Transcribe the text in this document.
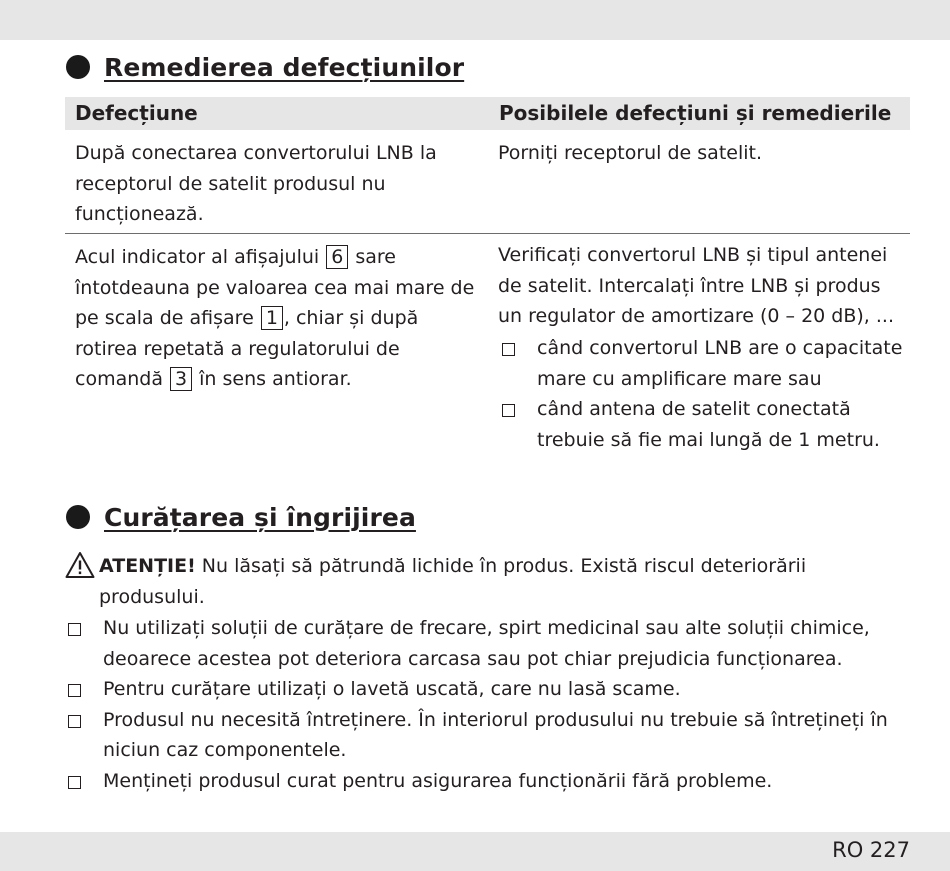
Remedierea defecțiunilor
Defecțiune	Posibilele defecțiuni și remedierile
După conectarea convertorului LNB la receptorul de satelit produsul nu funcționează.
Porniți receptorul de satelit.
Acul indicator al afișajului 6 sare întotdeauna pe valoarea cea mai mare de pe scala de afișare 1 , chiar și după rotirea repetată a regulatorului de comandă 3 în sens antiorar.
Verificați convertorul LNB și tipul antenei de satelit. Intercalați între LNB și produs un regulator de amortizare (0 – 20 dB), ...
când convertorul LNB are o capacitate mare cu amplificare mare sau
când antena de satelit conectată trebuie să fie mai lungă de 1 metru.
Curățarea și îngrijirea
ATENȚIE! Nu lăsați să pătrundă lichide în produs. Există riscul deteriorării produsului.
Nu utilizați soluții de curățare de frecare, spirt medicinal sau alte soluții chimice, deoarece acestea pot deteriora carcasa sau pot chiar prejudicia funcționarea.
Pentru curățare utilizați o lavetă uscată, care nu lasă scame.
Produsul nu necesită întreținere. În interiorul produsului nu trebuie să întrețineți în niciun caz componentele.
Mențineți produsul curat pentru asigurarea funcționării fără probleme.
RO 227
